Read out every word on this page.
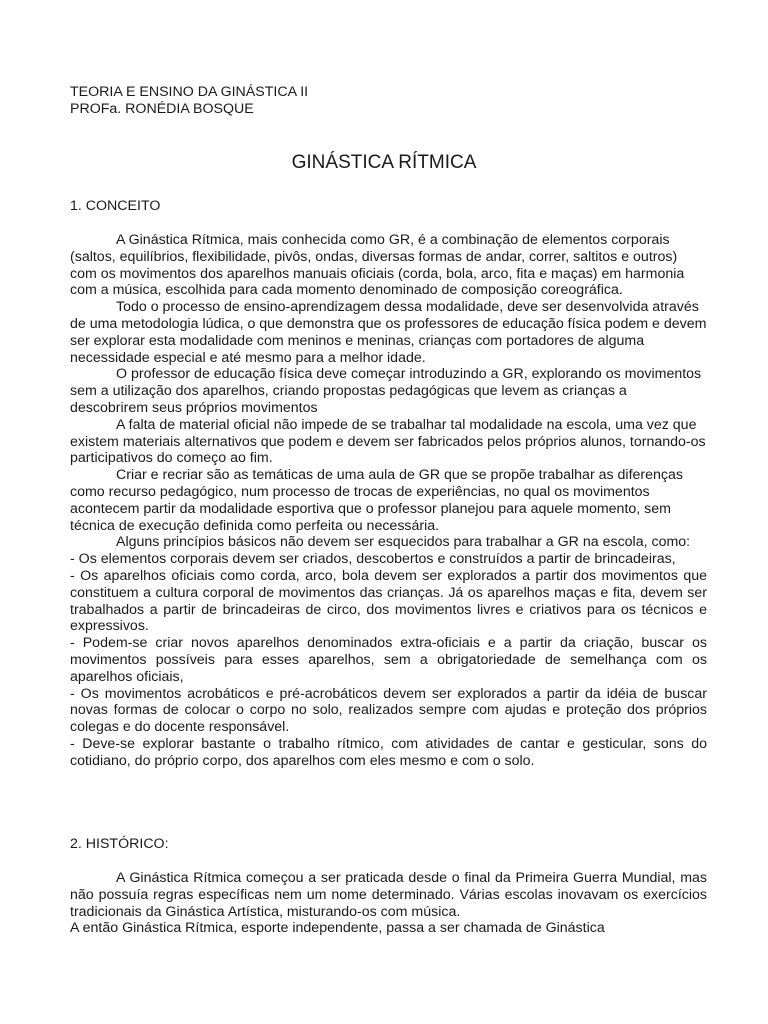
TEORIA E ENSINO DA GINÁSTICA II
PROFa. RONÉDIA BOSQUE
GINÁSTICA RÍTMICA
1. CONCEITO

A Ginástica Rítmica, mais conhecida como GR, é a combinação de elementos corporais (saltos, equilíbrios, flexibilidade, pivôs, ondas, diversas formas de andar, correr, saltitos e outros) com os movimentos dos aparelhos manuais oficiais (corda, bola, arco, fita e maças) em harmonia com a música, escolhida para cada momento denominado de composição coreográfica.

Todo o processo de ensino-aprendizagem dessa modalidade, deve ser desenvolvida através de uma metodologia lúdica, o que demonstra que os professores de educação física podem e devem ser explorar esta modalidade com meninos e meninas, crianças com portadores de alguma necessidade especial e até mesmo para a melhor idade.

O professor de educação física deve começar introduzindo a GR, explorando os movimentos sem a utilização dos aparelhos, criando propostas pedagógicas que levem as crianças a descobrirem seus próprios movimentos

A falta de material oficial não impede de se trabalhar tal modalidade na escola, uma vez que existem materiais alternativos que podem e devem ser fabricados pelos próprios alunos, tornando-os participativos do começo ao fim.

Criar e recriar são as temáticas de uma aula de GR que se propõe trabalhar as diferenças como recurso pedagógico, num processo de trocas de experiências, no qual os movimentos acontecem partir da modalidade esportiva que o professor planejou para aquele momento, sem técnica de execução definida como perfeita ou necessária.

Alguns princípios básicos não devem ser esquecidos para trabalhar a GR na escola, como:

- Os elementos corporais devem ser criados, descobertos e construídos a partir de brincadeiras,

- Os aparelhos oficiais como corda, arco, bola devem ser explorados a partir dos movimentos que constituem a cultura corporal de movimentos das crianças. Já os aparelhos maças e fita, devem ser trabalhados a partir de brincadeiras de circo, dos movimentos livres e criativos para os técnicos e expressivos.

- Podem-se criar novos aparelhos denominados extra-oficiais e a partir da criação, buscar os movimentos possíveis para esses aparelhos, sem a obrigatoriedade de semelhança com os aparelhos oficiais,

- Os movimentos acrobáticos e pré-acrobáticos devem ser explorados a partir da idéia de buscar novas formas de colocar o corpo no solo, realizados sempre com ajudas e proteção dos próprios colegas e do docente responsável.

- Deve-se explorar bastante o trabalho rítmico, com atividades de cantar e gesticular, sons do cotidiano, do próprio corpo, dos aparelhos com eles mesmo e com o solo.

2. HISTÓRICO:

A Ginástica Rítmica começou a ser praticada desde o final da Primeira Guerra Mundial, mas não possuía regras específicas nem um nome determinado. Várias escolas inovavam os exercícios tradicionais da Ginástica Artística, misturando-os com música.

A então Ginástica Rítmica, esporte independente, passa a ser chamada de Ginástica
